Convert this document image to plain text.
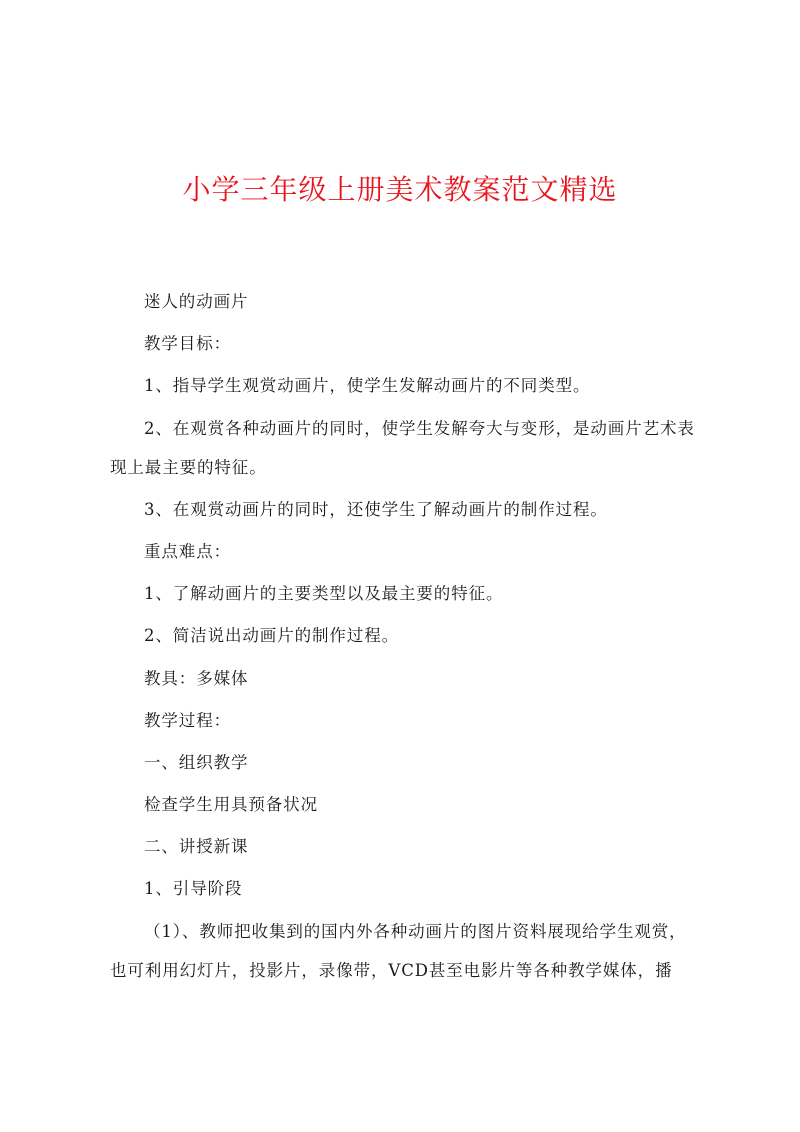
小学三年级上册美术教案范文精选

迷人的动画片

教学目标：

1、指导学生观赏动画片，使学生发解动画片的不同类型。

2、在观赏各种动画片的同时，使学生发解夸大与变形，是动画片艺术表现上最主要的特征。

3、在观赏动画片的同时，还使学生了解动画片的制作过程。

重点难点：

1、了解动画片的主要类型以及最主要的特征。

2、简洁说出动画片的制作过程。

教具：多媒体

教学过程：

一、组织教学

检查学生用具预备状况

二、讲授新课

1、引导阶段

（1）、教师把收集到的国内外各种动画片的图片资料展现给学生观赏，也可利用幻灯片，投影片，录像带，VCD甚至电影片等各种教学媒体，播
